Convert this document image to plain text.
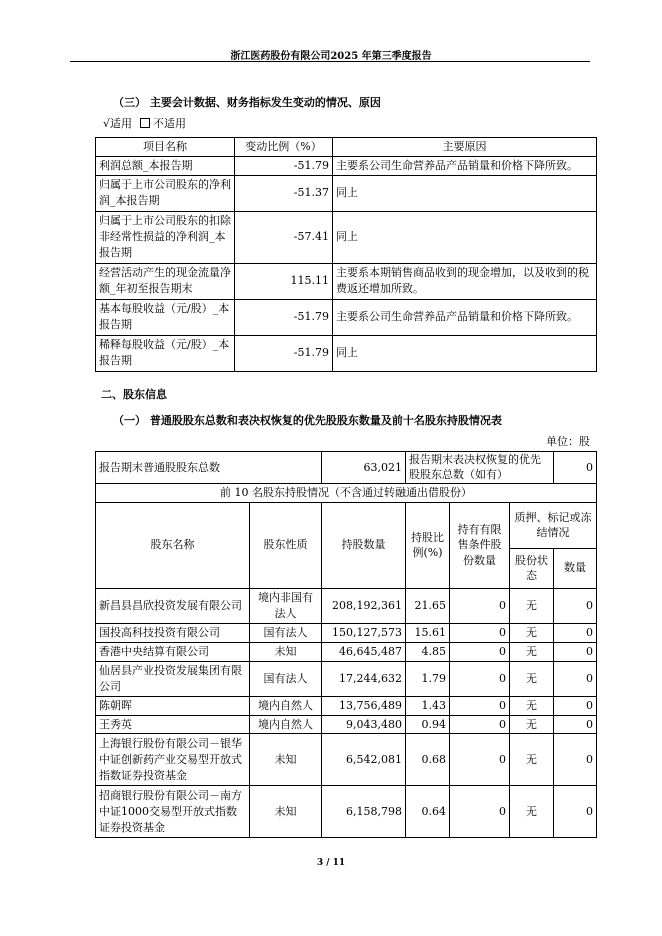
浙江医药股份有限公司2025 年第三季度报告
（三） 主要会计数据、财务指标发生变动的情况、原因
√适用 不适用
项目名称	变动比例（%）	主要原因
利润总额_本报告期	-51.79	主要系公司生命营养品产品销量和价格下降所致。
归属于上市公司股东的净利润_本报告期	-51.37	同上
归属于上市公司股东的扣除非经常性损益的净利润_本报告期	-57.41	同上
经营活动产生的现金流量净额_年初至报告期末	115.11	主要系本期销售商品收到的现金增加，以及收到的税费返还增加所致。
基本每股收益（元/股）_本报告期	-51.79	主要系公司生命营养品产品销量和价格下降所致。
稀释每股收益（元/股）_本报告期	-51.79	同上
二、股东信息
（一） 普通股股东总数和表决权恢复的优先股股东数量及前十名股东持股情况表
单位：股
报告期末普通股股东总数		63,021	报告期末表决权恢复的优先股股东总数（如有）			0
前 10 名股东持股情况（不含通过转融通出借股份）						
股东名称	股东性质	持股数量	持股比例(%)	持有有限售条件股份数量	质押、标记或冻结情况	
					股份状态	数量
新昌县昌欣投资发展有限公司	境内非国有法人	208,192,361	21.65	0	无	0
国投高科技投资有限公司	国有法人	150,127,573	15.61	0	无	0
香港中央结算有限公司	未知	46,645,487	4.85	0	无	0
仙居县产业投资发展集团有限公司	国有法人	17,244,632	1.79	0	无	0
陈朝晖	境内自然人	13,756,489	1.43	0	无	0
王秀英	境内自然人	9,043,480	0.94	0	无	0
上海银行股份有限公司－银华中证创新药产业交易型开放式指数证券投资基金	未知	6,542,081	0.68	0	无	0
招商银行股份有限公司－南方中证1000交易型开放式指数证券投资基金	未知	6,158,798	0.64	0	无	0
3 / 11
